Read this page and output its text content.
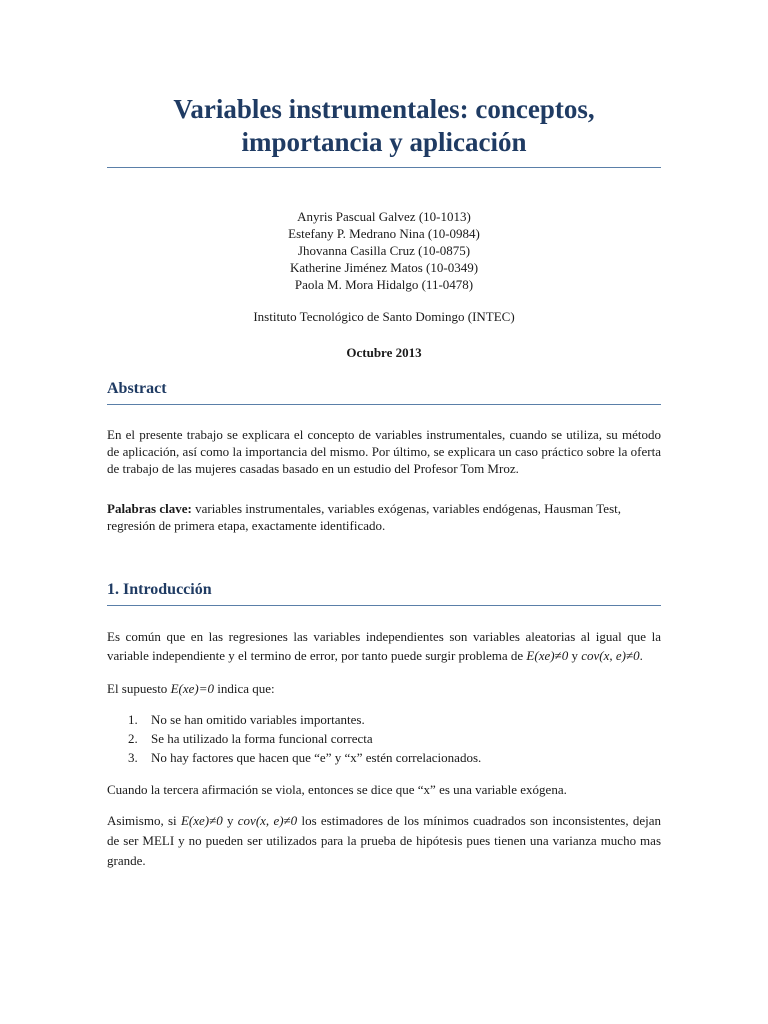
Variables instrumentales: conceptos,
importancia y aplicación
Anyris Pascual Galvez (10-1013)
Estefany P. Medrano Nina (10-0984)
Jhovanna Casilla Cruz (10-0875)
Katherine Jiménez Matos (10-0349)
Paola M. Mora Hidalgo (11-0478)
Instituto Tecnológico de Santo Domingo (INTEC)
Octubre 2013
Abstract

En el presente trabajo se explicara el concepto de variables instrumentales, cuando se utiliza, su método de aplicación, así como la importancia del mismo. Por último, se explicara un caso práctico sobre la oferta de trabajo de las mujeres casadas basado en un estudio del Profesor Tom Mroz.

Palabras clave: variables instrumentales, variables exógenas, variables endógenas, Hausman Test, regresión de primera etapa, exactamente identificado.

1. Introducción

Es común que en las regresiones las variables independientes son variables aleatorias al igual que la variable independiente y el termino de error, por tanto puede surgir problema de E(xe)≠0 y cov(x, e)≠0.

El supuesto E(xe)=0 indica que:

1.	No se han omitido variables importantes.
2.	Se ha utilizado la forma funcional correcta
3.	No hay factores que hacen que “e” y “x” estén correlacionados.

Cuando la tercera afirmación se viola, entonces se dice que “x” es una variable exógena.

Asimismo, si E(xe)≠0 y cov(x, e)≠0 los estimadores de los mínimos cuadrados son inconsistentes, dejan de ser MELI y no pueden ser utilizados para la prueba de hipótesis pues tienen una varianza mucho mas grande.
